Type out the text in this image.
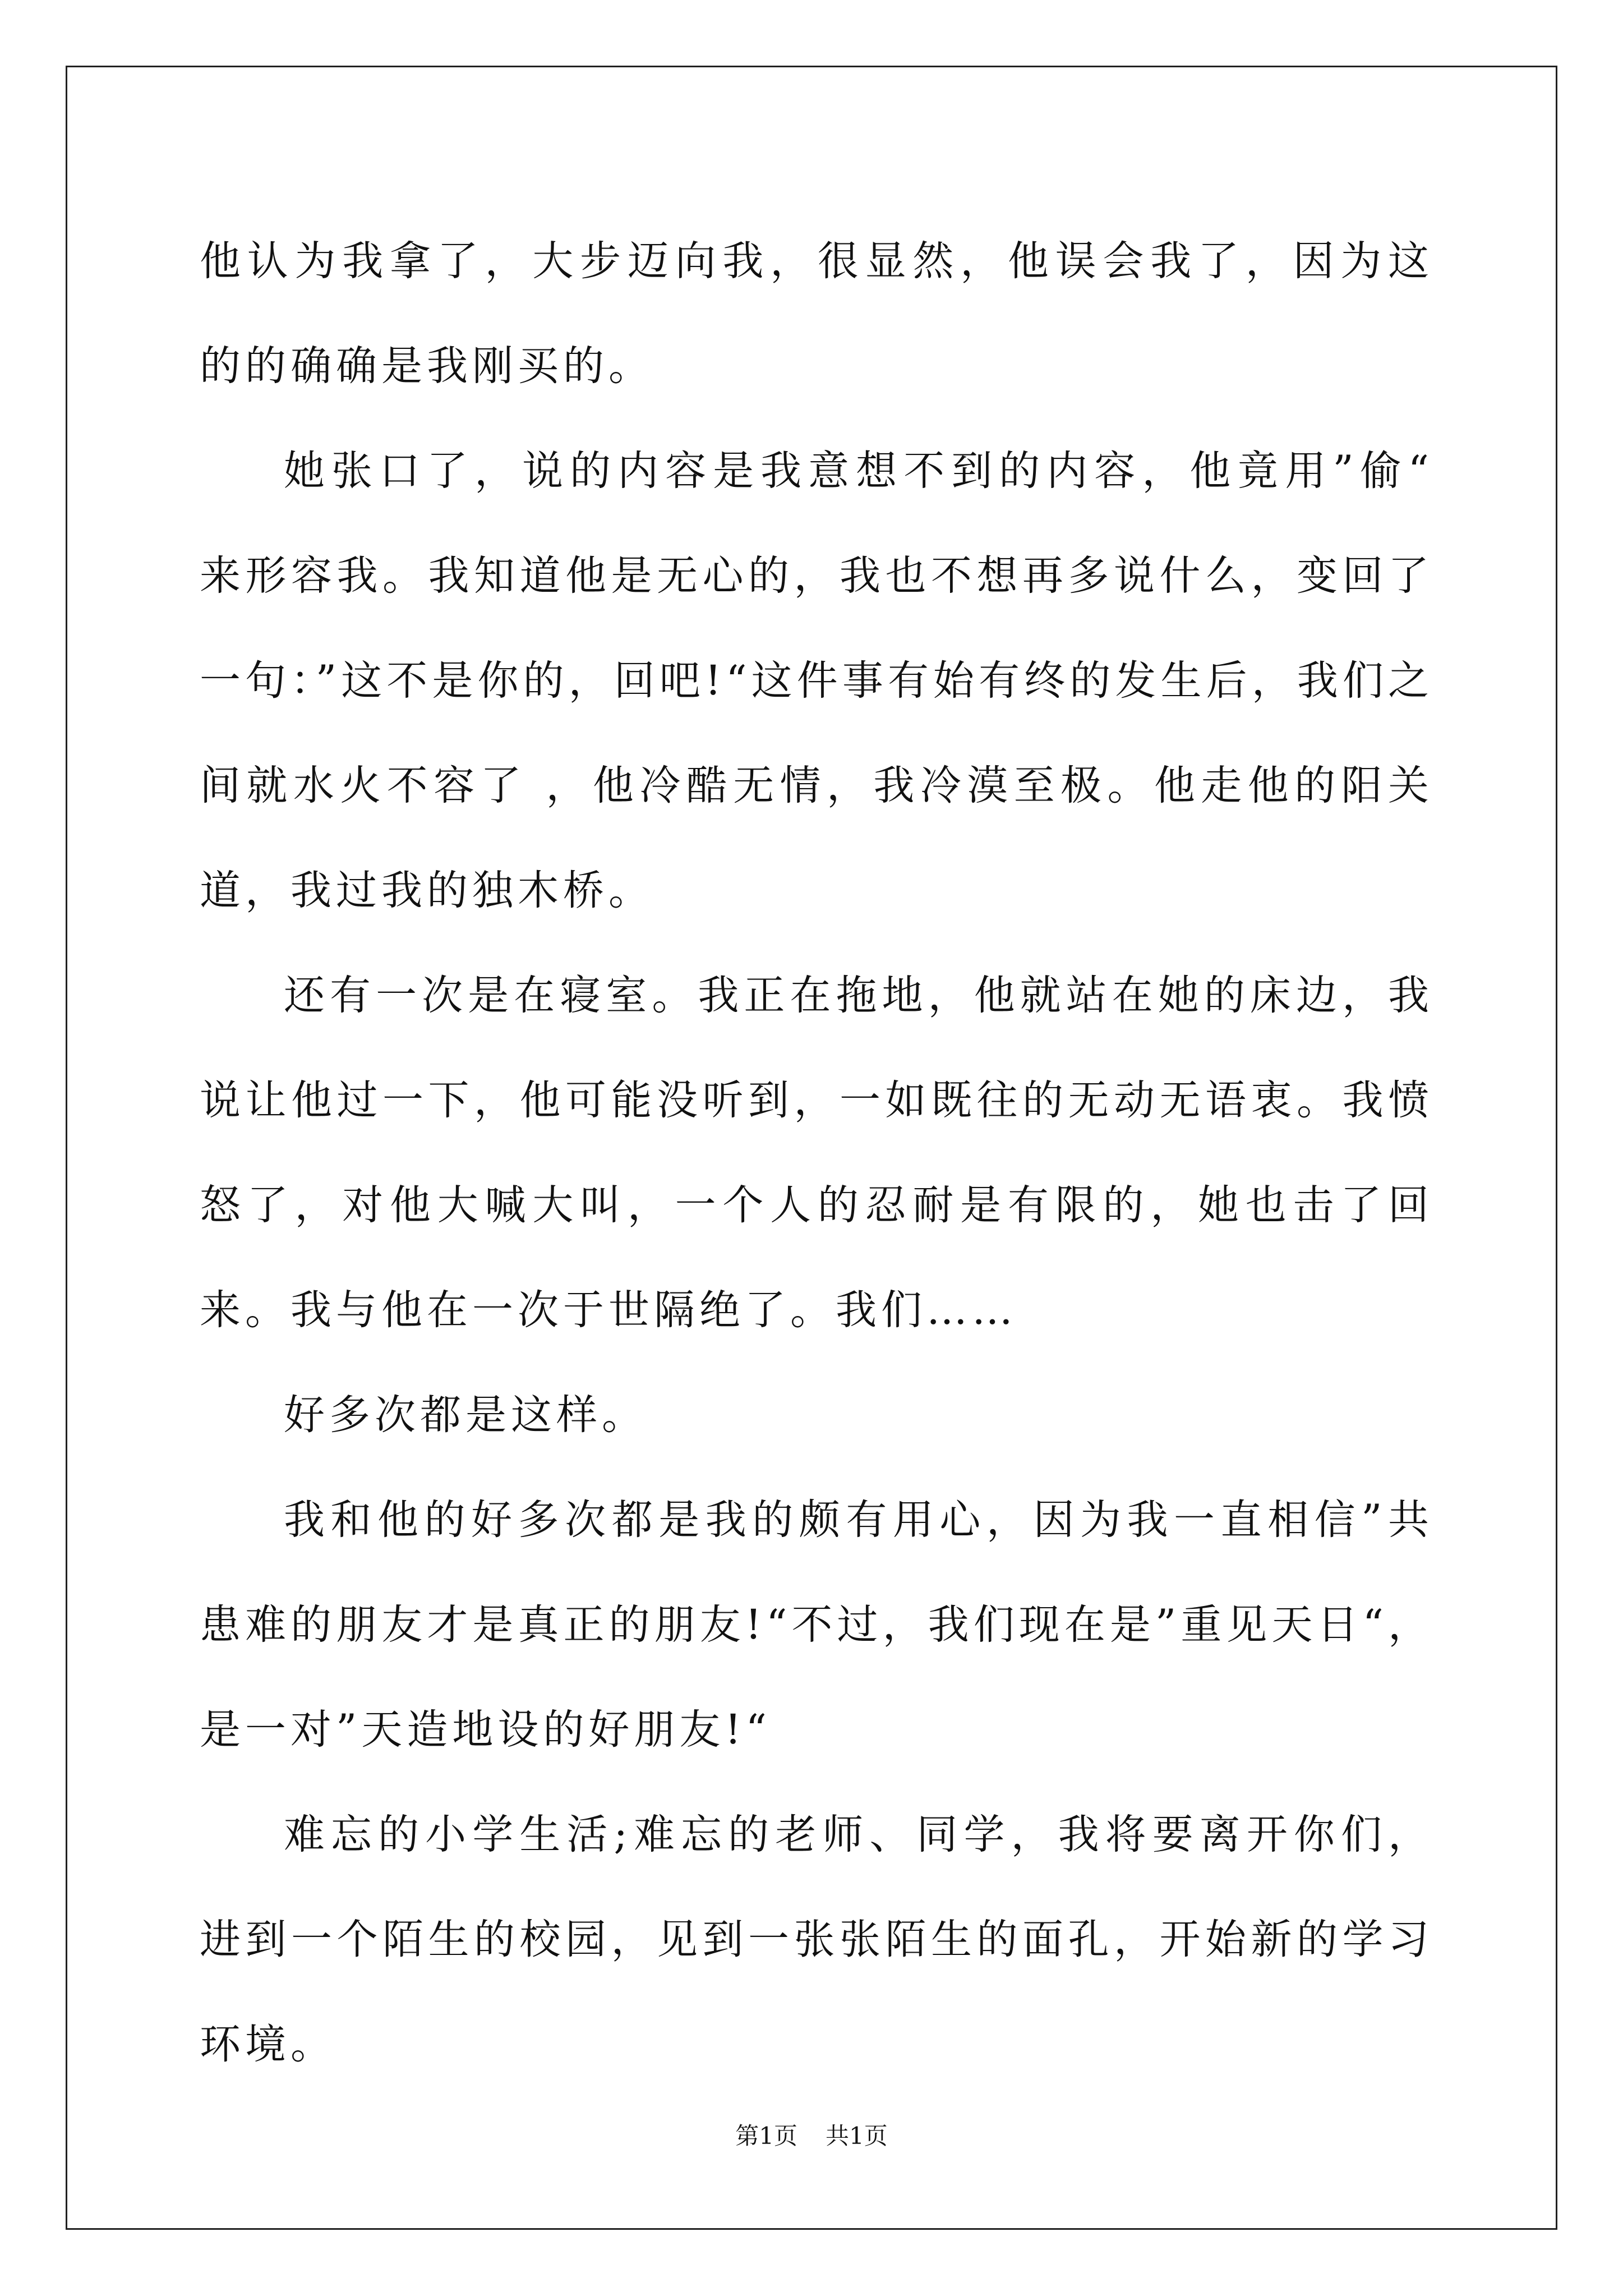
他认为我拿了，大步迈向我，很显然，他误会我了，因为这 的的确确是我刚买的。

她张口了，说的内容是我意想不到的内容，他竟用”偷“ 来形容我。我知道他是无心的，我也不想再多说什么，变回了一句：”这不是你的，回吧!“这件事有始有终的发生后，我们之间就水火不容了 ，他冷酷无情，我冷漠至极。他走他的阳关道，我过我的独木桥。

还有一次是在寝室。我正在拖地，他就站在她的床边，我说让他过一下，他可能没听到，一如既往的无动无语衷。我愤怒了，对他大喊大叫，一个人的忍耐是有限的，她也击了回来。我与他在一次于世隔绝了。我们……

好多次都是这样。

我和他的好多次都是我的颇有用心，因为我一直相信”共患难的朋友才是真正的朋友!“不过，我们现在是”重见天日“，是一对”天造地设的好朋友!“

难忘的小学生活;难忘的老师、同学，我将要离开你们，进到一个陌生的校园，见到一张张陌生的面孔，开始新的学习环境。

第1页 共1页
